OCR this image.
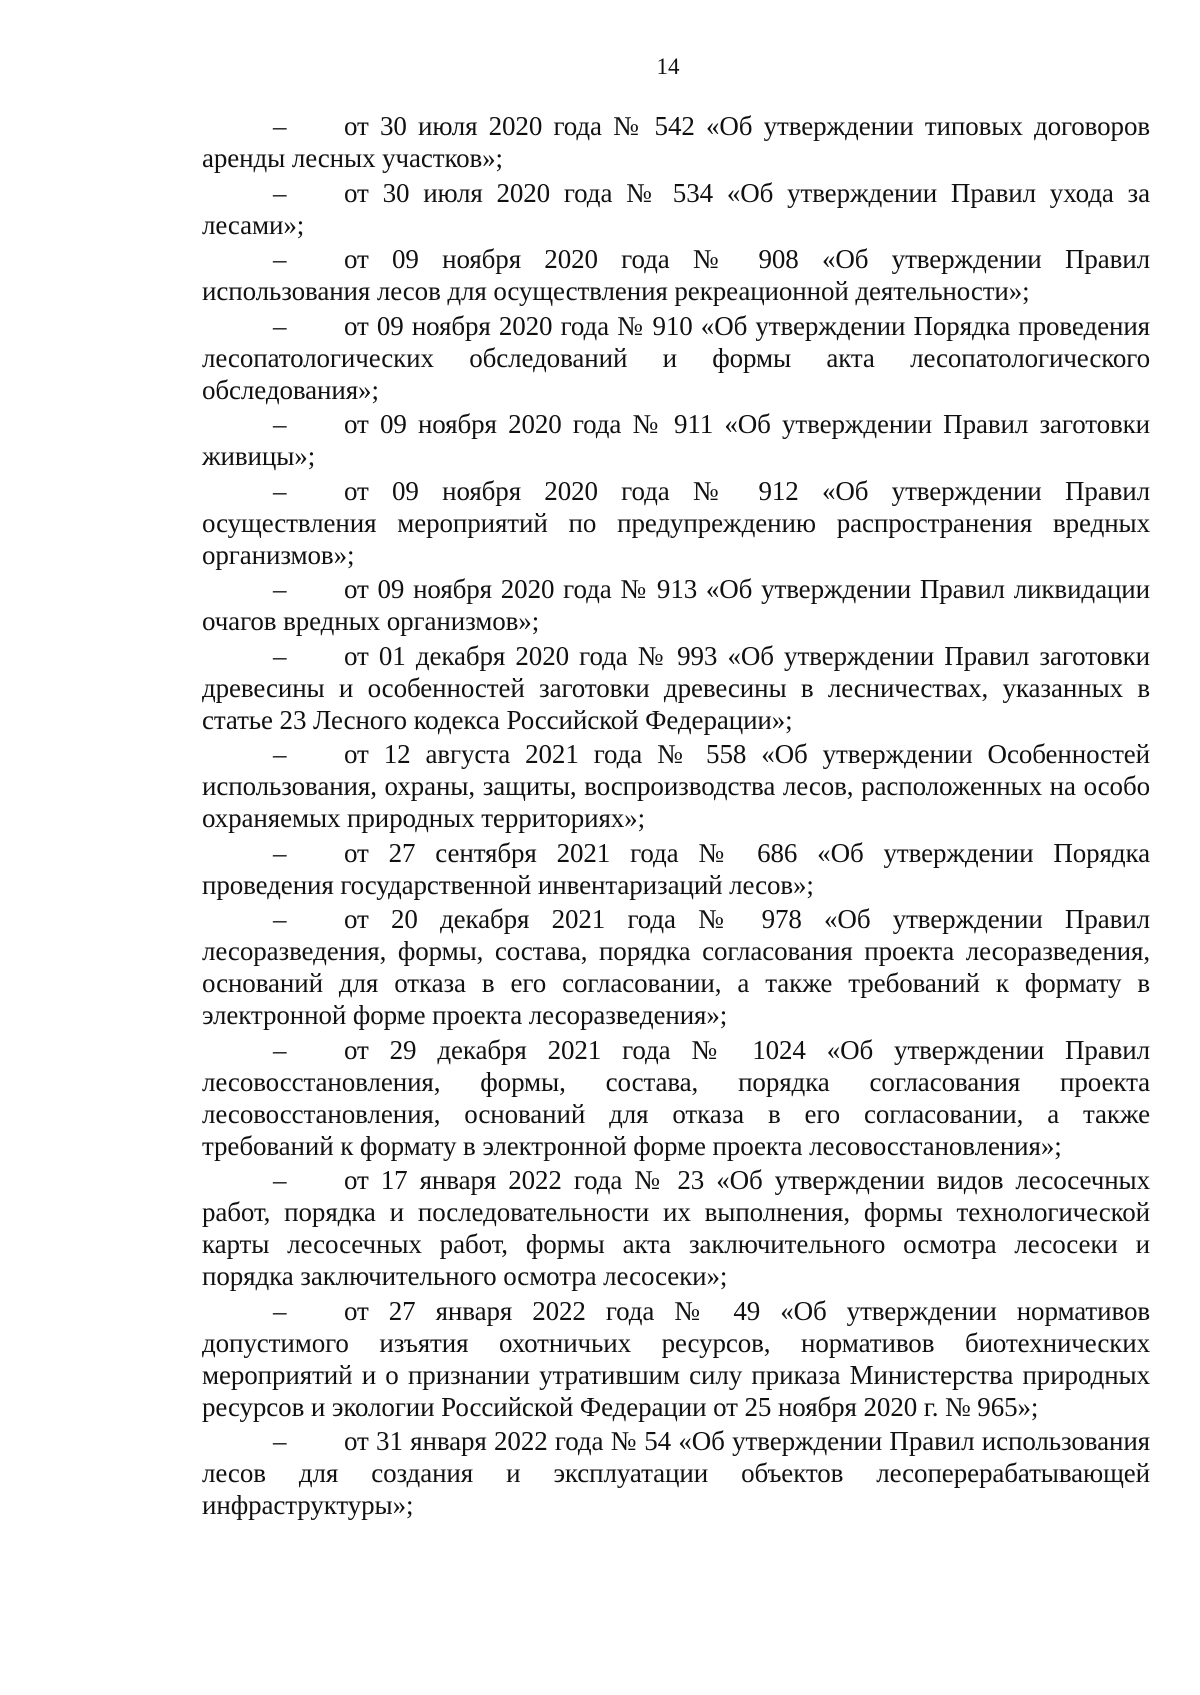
14
– от 30 июля 2020 года № 542 «Об утверждении типовых договоров аренды лесных участков»;
– от 30 июля 2020 года № 534 «Об утверждении Правил ухода за лесами»;
– от 09 ноября 2020 года № 908 «Об утверждении Правил использования лесов для осуществления рекреационной деятельности»;
– от 09 ноября 2020 года № 910 «Об утверждении Порядка проведения лесопатологических обследований и формы акта лесопатологического обследования»;
– от 09 ноября 2020 года № 911 «Об утверждении Правил заготовки живицы»;
– от 09 ноября 2020 года № 912 «Об утверждении Правил осуществления мероприятий по предупреждению распространения вредных организмов»;
– от 09 ноября 2020 года № 913 «Об утверждении Правил ликвидации очагов вредных организмов»;
– от 01 декабря 2020 года № 993 «Об утверждении Правил заготовки древесины и особенностей заготовки древесины в лесничествах, указанных в статье 23 Лесного кодекса Российской Федерации»;
– от 12 августа 2021 года № 558 «Об утверждении Особенностей использования, охраны, защиты, воспроизводства лесов, расположенных на особо охраняемых природных территориях»;
– от 27 сентября 2021 года № 686 «Об утверждении Порядка проведения государственной инвентаризаций лесов»;
– от 20 декабря 2021 года № 978 «Об утверждении Правил лесоразведения, формы, состава, порядка согласования проекта лесоразведения, оснований для отказа в его согласовании, а также требований к формату в электронной форме проекта лесоразведения»;
– от 29 декабря 2021 года № 1024 «Об утверждении Правил лесовосстановления, формы, состава, порядка согласования проекта лесовосстановления, оснований для отказа в его согласовании, а также требований к формату в электронной форме проекта лесовосстановления»;
– от 17 января 2022 года № 23 «Об утверждении видов лесосечных работ, порядка и последовательности их выполнения, формы технологической карты лесосечных работ, формы акта заключительного осмотра лесосеки и порядка заключительного осмотра лесосеки»;
– от 27 января 2022 года № 49 «Об утверждении нормативов допустимого изъятия охотничьих ресурсов, нормативов биотехнических мероприятий и о признании утратившим силу приказа Министерства природных ресурсов и экологии Российской Федерации от 25 ноября 2020 г. № 965»;
– от 31 января 2022 года № 54 «Об утверждении Правил использования лесов для создания и эксплуатации объектов лесоперерабатывающей инфраструктуры»;
